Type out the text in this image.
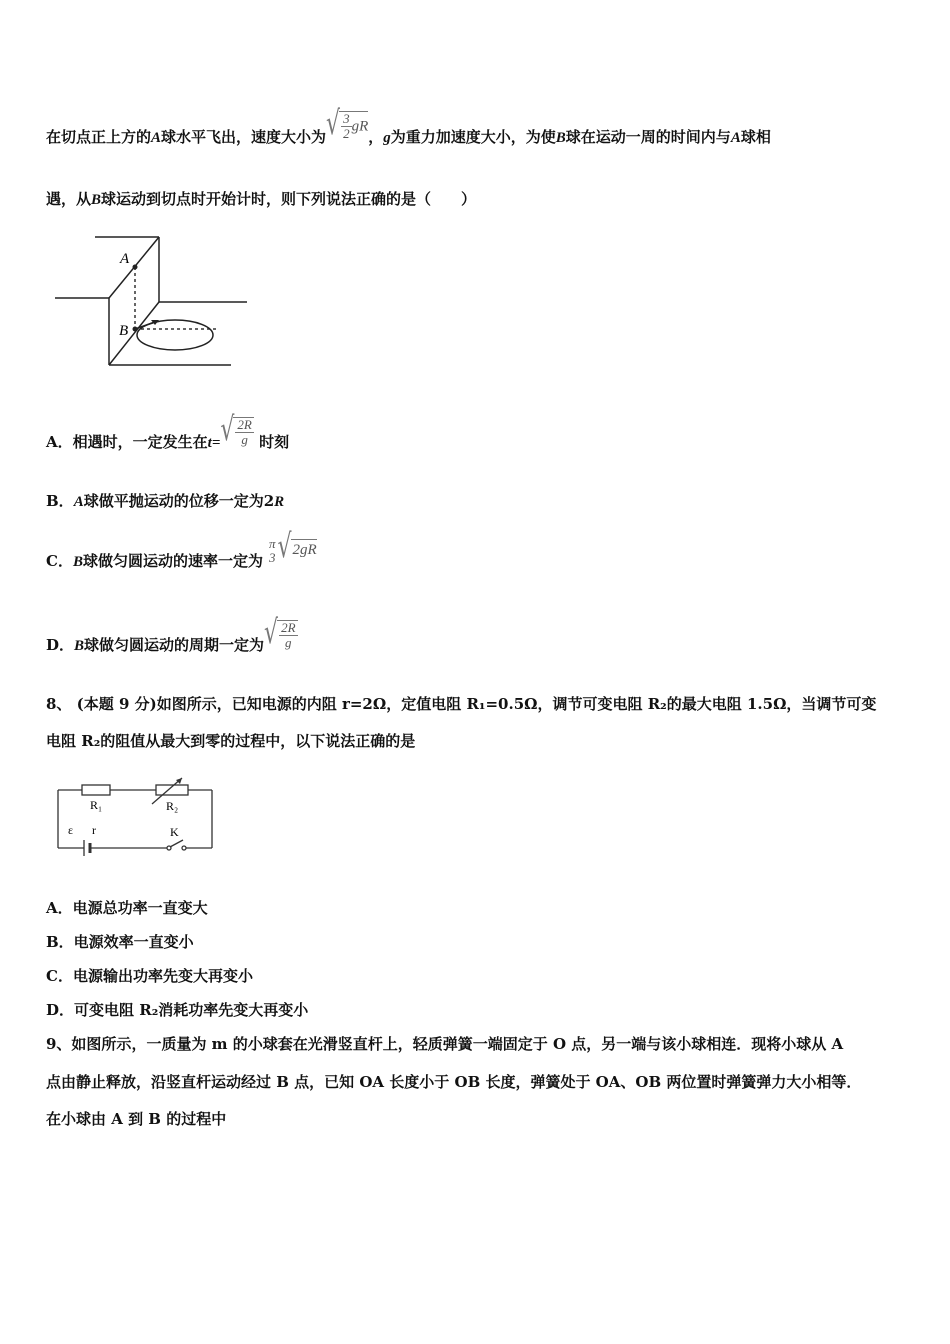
在切点正上方的A球水平飞出，速度大小为√ $\frac{3}{2}$ gR，g为重力加速度大小，为使B球在运动一周的时间内与A球相
遇，从B球运动到切点时开始计时，则下列说法正确的是（　　）
A
B
A．相遇时，一定发生在$t=√ \frac{2R}{g}$ 时刻
B．A球做平抛运动的位移一定为2R
C．B球做匀圆运动的速率一定为
π
3 √2gR
D．B球做匀圆运动的周期一定为√ $\frac{2R}{g}$
8、 (本题 9 分)如图所示，已知电源的内阻 r=2Ω，定值电阻 R₁=0.5Ω，调节可变电阻 R₂的最大电阻 1.5Ω，当调节可变
电阻 R₂的阻值从最大到零的过程中，以下说法正确的是
R₁	R₂
ε r	K
A．电源总功率一直变大
B．电源效率一直变小
C．电源输出功率先变大再变小
D．可变电阻 R₂消耗功率先变大再变小
9、如图所示，一质量为 m 的小球套在光滑竖直杆上，轻质弹簧一端固定于 O 点，另一端与该小球相连．现将小球从 A
点由静止释放，沿竖直杆运动经过 B 点，已知 OA 长度小于 OB 长度，弹簧处于 OA、OB 两位置时弹簧弹力大小相等．
在小球由 A 到 B 的过程中
